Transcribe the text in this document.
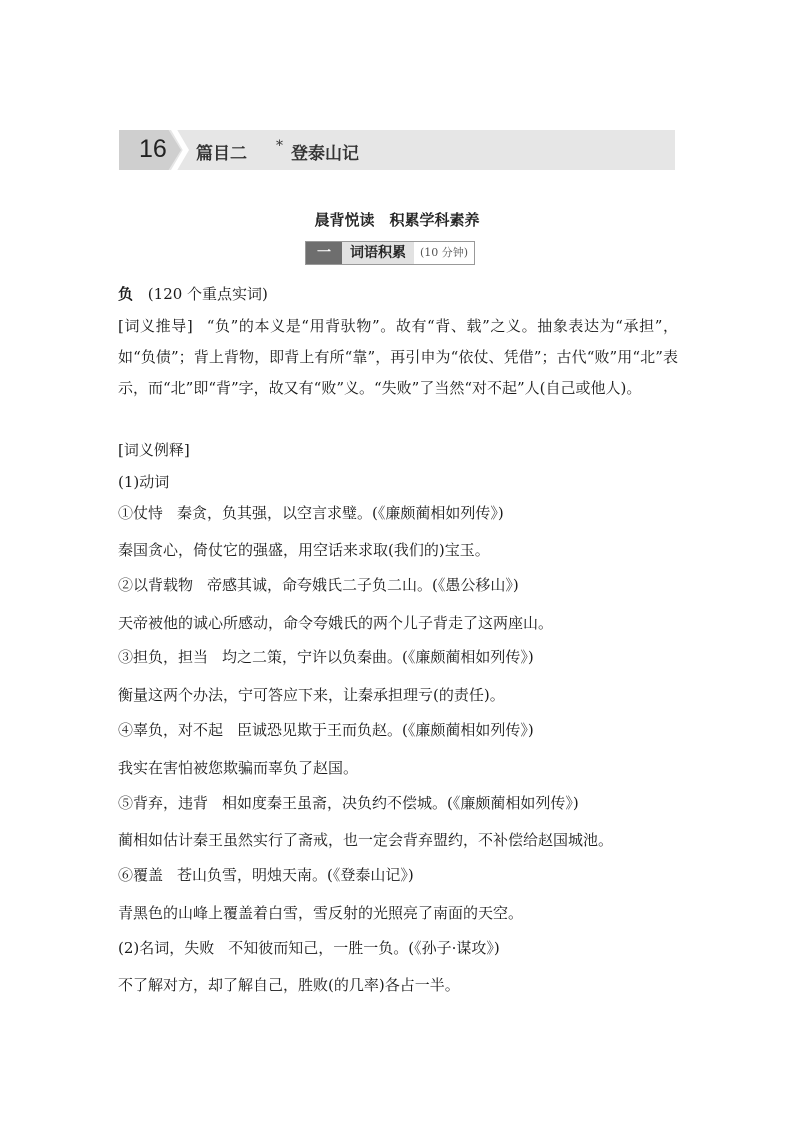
16 篇目二 * 登泰山记
晨背悦读　积累学科素养
一	词语积累	(10 分钟)
负 (120 个重点实词)
[词义推导] “负”的本义是“用背驮物”。故有“背、载”之义。抽象表达为“承担”，如“负债”；背上背物，即背上有所“靠”，再引申为“依仗、凭借”；古代“败”用“北”表示，而“北”即“背”字，故又有“败”义。“失败”了当然“对不起”人(自己或他人)。
[词义例释]
(1)动词
①仗恃 秦贪，负其强，以空言求璧。(《廉颇蔺相如列传》)
秦国贪心，倚仗它的强盛，用空话来求取(我们的)宝玉。
②以背载物 帝感其诚，命夸娥氏二子负二山。(《愚公移山》)
天帝被他的诚心所感动，命令夸娥氏的两个儿子背走了这两座山。
③担负，担当 均之二策，宁许以负秦曲。(《廉颇蔺相如列传》)
衡量这两个办法，宁可答应下来，让秦承担理亏(的责任)。
④辜负，对不起 臣诚恐见欺于王而负赵。(《廉颇蔺相如列传》)
我实在害怕被您欺骗而辜负了赵国。
⑤背弃，违背 相如度秦王虽斋，决负约不偿城。(《廉颇蔺相如列传》)
蔺相如估计秦王虽然实行了斋戒，也一定会背弃盟约，不补偿给赵国城池。
⑥覆盖 苍山负雪，明烛天南。(《登泰山记》)
青黑色的山峰上覆盖着白雪，雪反射的光照亮了南面的天空。
(2)名词，失败 不知彼而知己，一胜一负。(《孙子·谋攻》)
不了解对方，却了解自己，胜败(的几率)各占一半。
